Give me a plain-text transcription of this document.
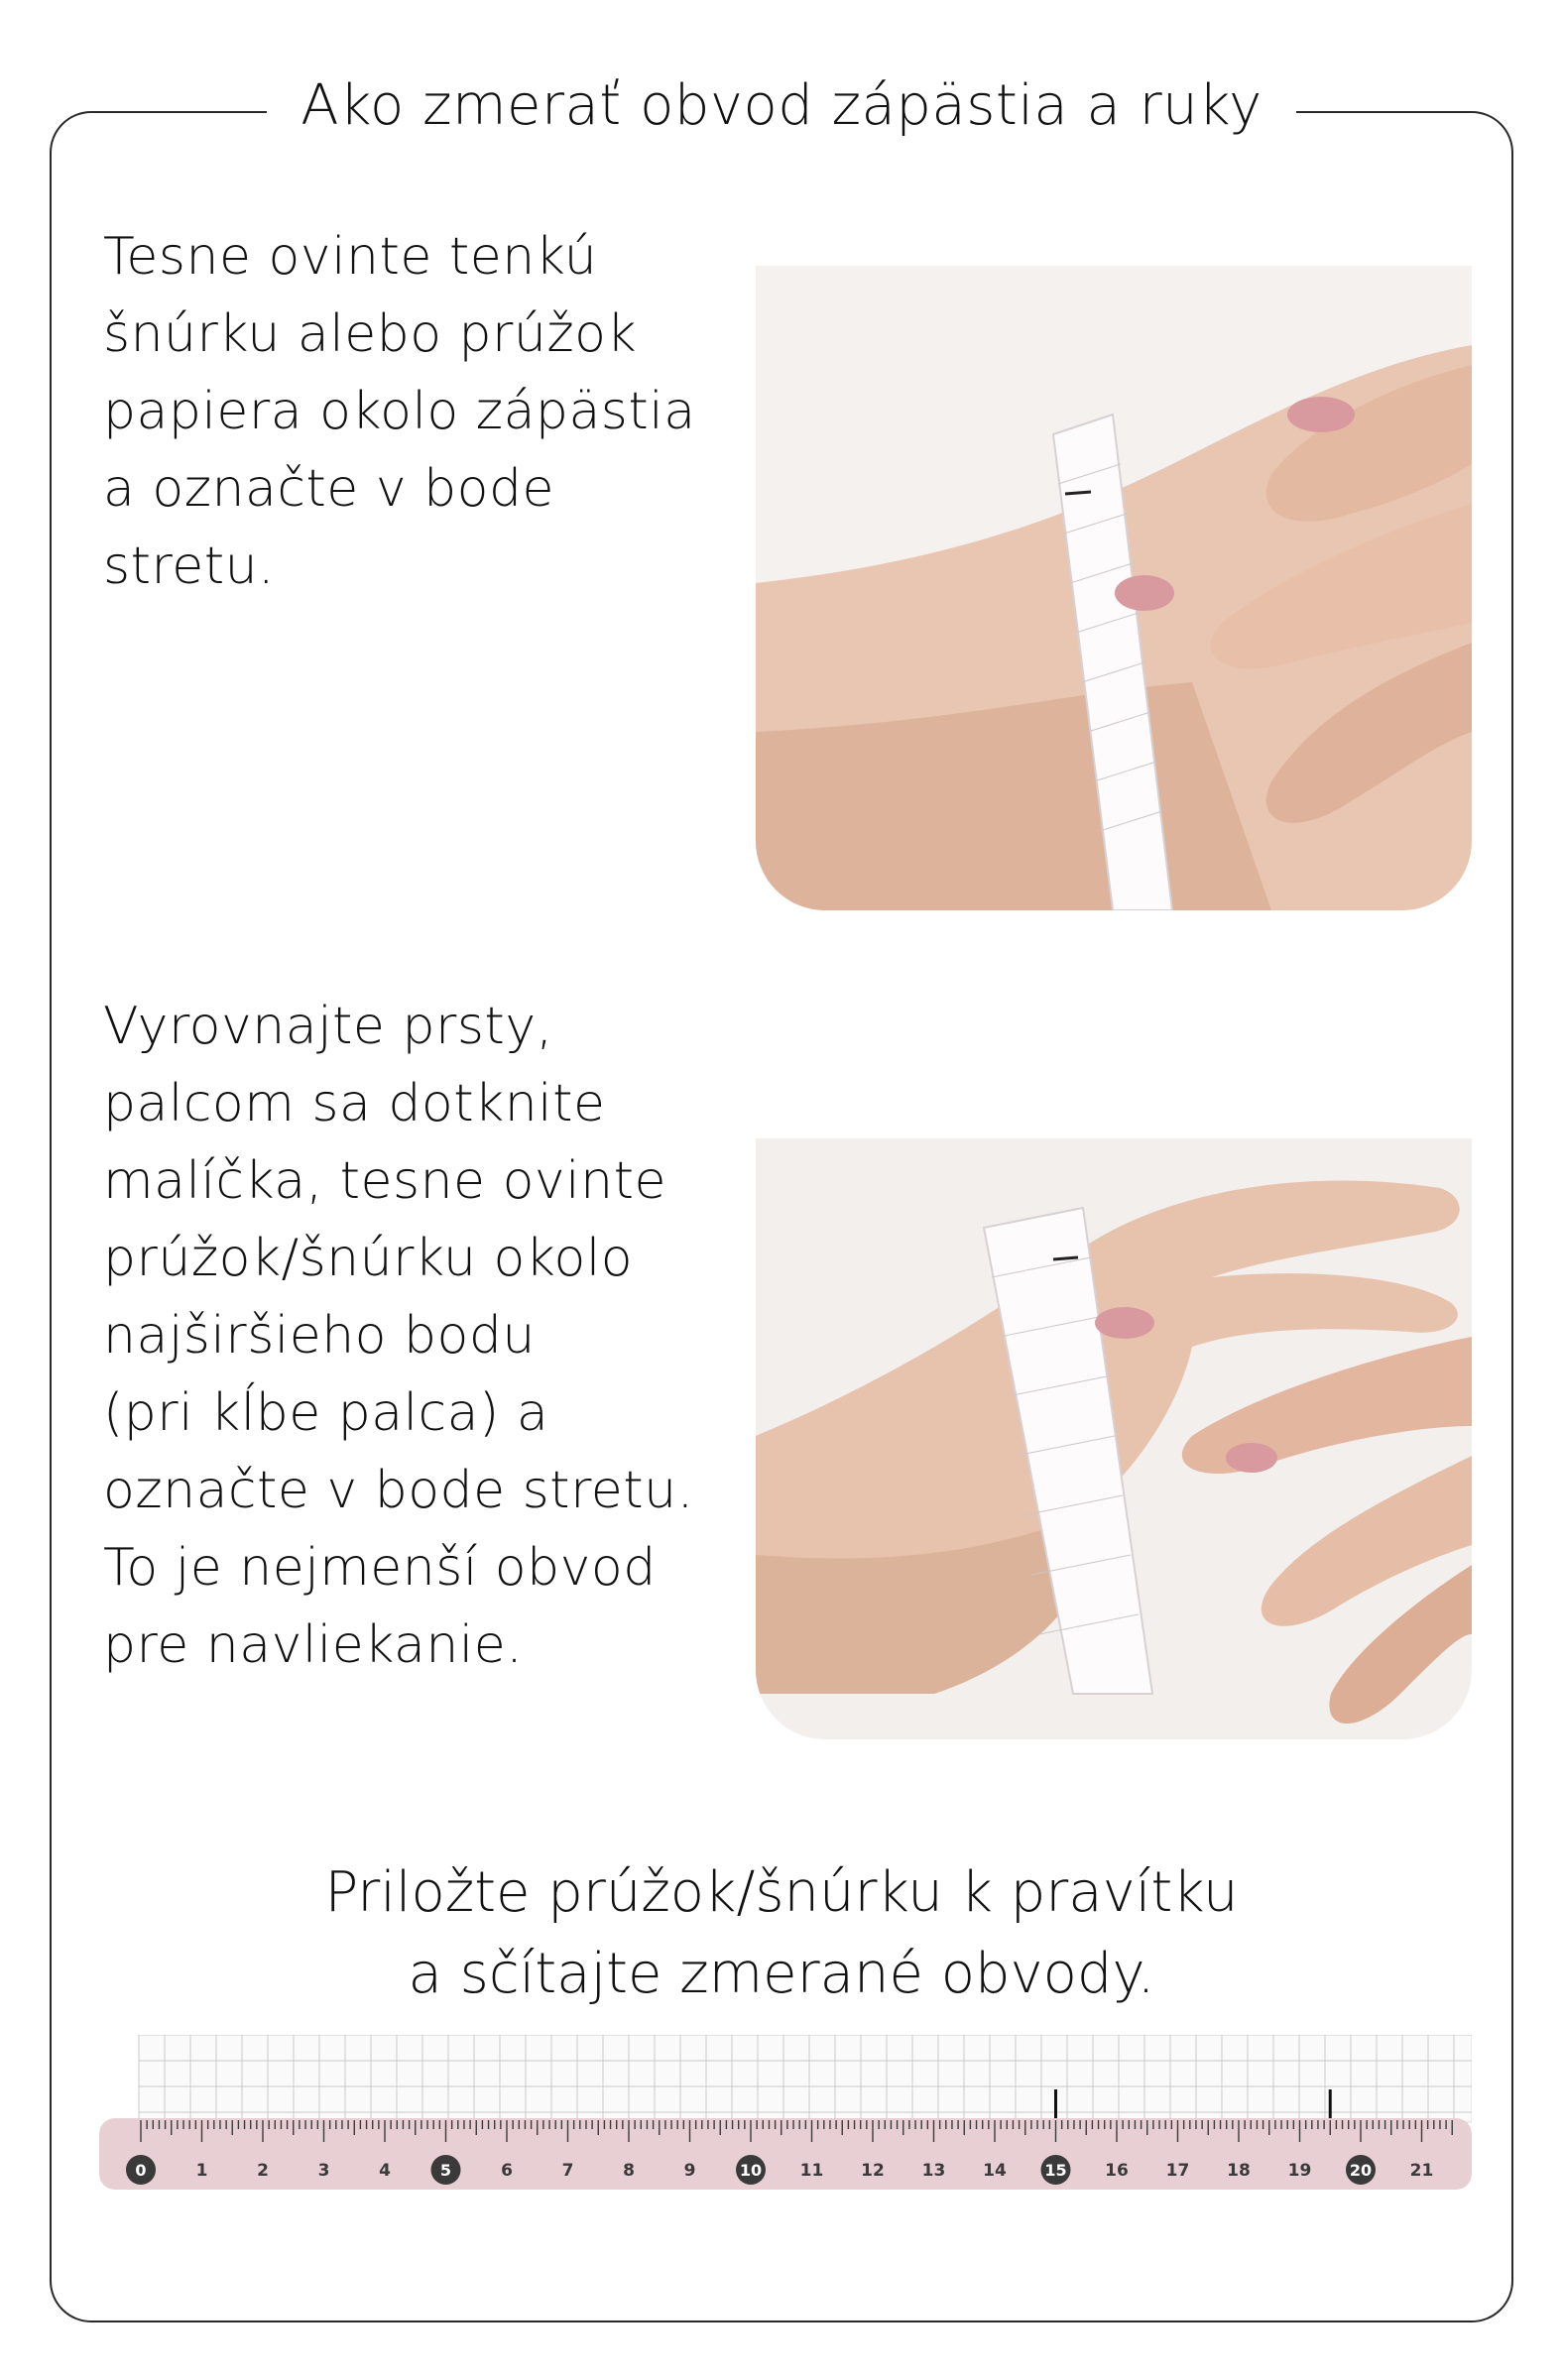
Ako zmerať obvod zápästia a ruky
Tesne ovinte tenkú
šnúrku alebo prúžok
papiera okolo zápästia
a označte v bode
stretu.
Vyrovnajte prsty,
palcom sa dotknite
malíčka, tesne ovinte
prúžok/šnúrku okolo
najširšieho bodu
(pri kĺbe palca) a
označte v bode stretu.
To je nejmenší obvod
pre navliekanie.
Priložte prúžok/šnúrku k pravítku
a sčítajte zmerané obvody.
0	1	2	3	4	5	6	7	8	9	10 11 12 13 14 15 16 17 18 19 20 21
